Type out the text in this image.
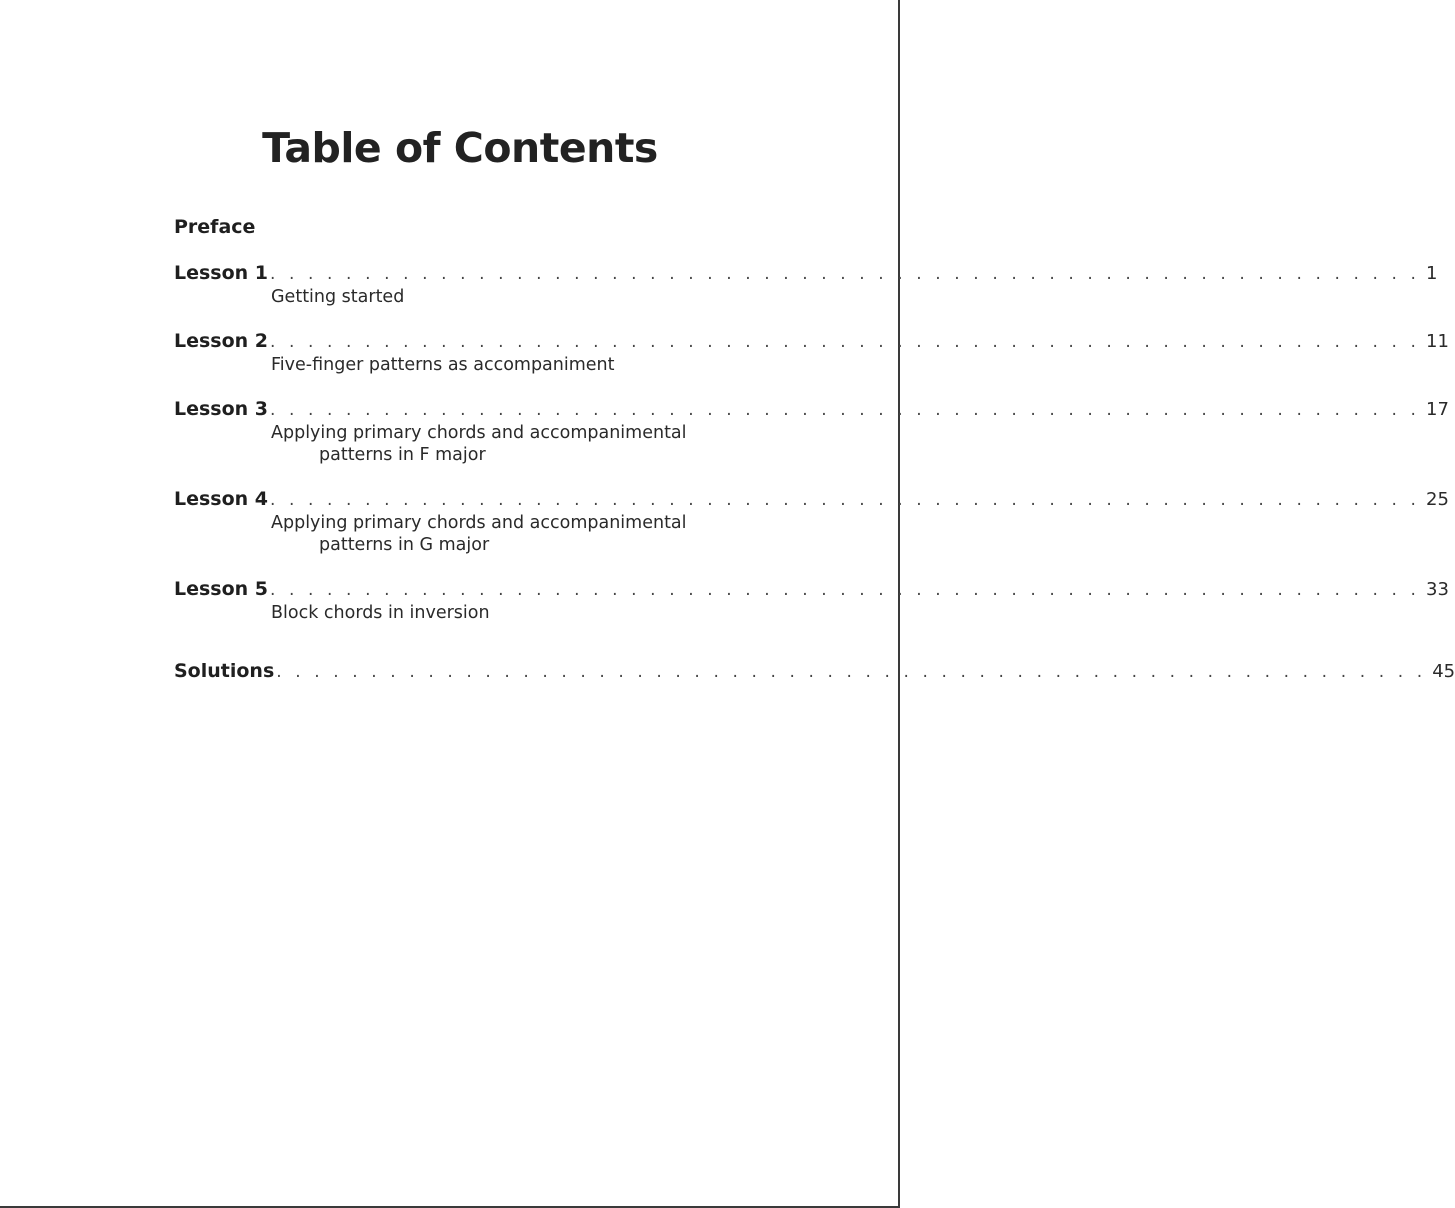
Table of Contents
Preface
Lesson 1 . . . . . . . . . . . . . . . . . . . . . . . . . . . . . . . . . . . . . . . . . . . . . . . . . . . . . . . . . . . . . 1
Getting started
Lesson 2 . . . . . . . . . . . . . . . . . . . . . . . . . . . . . . . . . . . . . . . . . . . . . . . . . . . . . . . . . . . . . 11
Five-finger patterns as accompaniment
Lesson 3 . . . . . . . . . . . . . . . . . . . . . . . . . . . . . . . . . . . . . . . . . . . . . . . . . . . . . . . . . . . . . 17
Applying primary chords and accompanimental
patterns in F major
Lesson 4 . . . . . . . . . . . . . . . . . . . . . . . . . . . . . . . . . . . . . . . . . . . . . . . . . . . . . . . . . . . . . 25
Applying primary chords and accompanimental
patterns in G major
Lesson 5 . . . . . . . . . . . . . . . . . . . . . . . . . . . . . . . . . . . . . . . . . . . . . . . . . . . . . . . . . . . . . 33
Block chords in inversion
Solutions . . . . . . . . . . . . . . . . . . . . . . . . . . . . . . . . . . . . . . . . . . . . . . . . . . . . . . . . . . . . . 45
